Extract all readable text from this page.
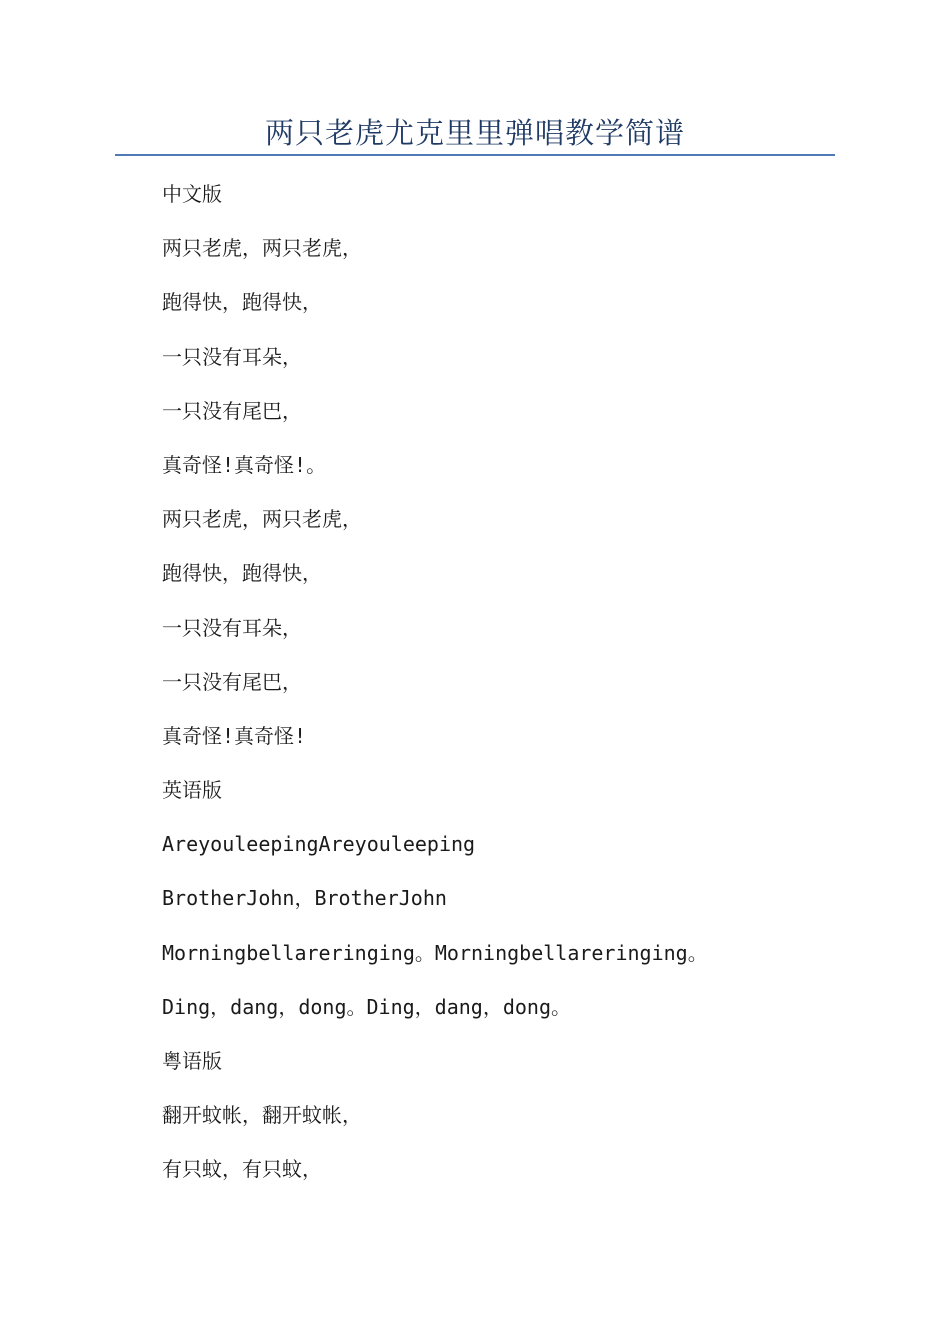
两只老虎尤克里里弹唱教学简谱
中文版
两只老虎，两只老虎，
跑得快，跑得快，
一只没有耳朵，
一只没有尾巴，
真奇怪!真奇怪!。
两只老虎，两只老虎，
跑得快，跑得快，
一只没有耳朵，
一只没有尾巴，
真奇怪!真奇怪!
英语版
AreyouleepingAreyouleeping
BrotherJohn，BrotherJohn
Morningbellareringing。Morningbellareringing。
Ding，dang，dong。Ding，dang，dong。
粤语版
翻开蚊帐，翻开蚊帐，
有只蚊，有只蚊，
